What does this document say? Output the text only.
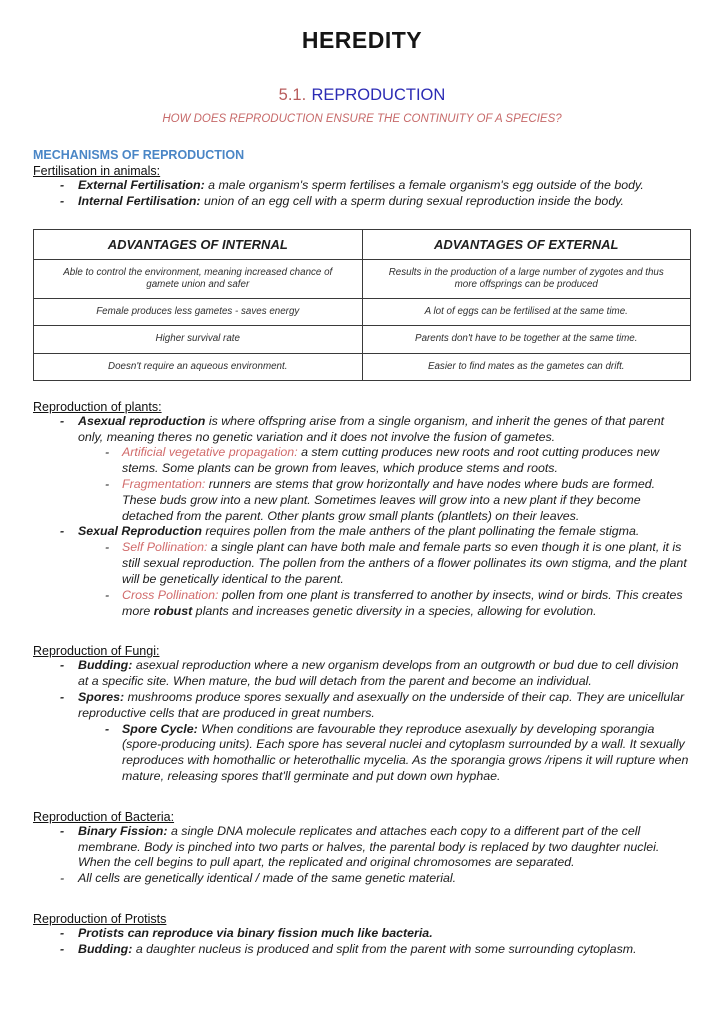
HEREDITY
5.1. REPRODUCTION
HOW DOES REPRODUCTION ENSURE THE CONTINUITY OF A SPECIES?
MECHANISMS OF REPRODUCTION
Fertilisation in animals:
- External Fertilisation: a male organism's sperm fertilises a female organism's egg outside of the body.
- Internal Fertilisation: union of an egg cell with a sperm during sexual reproduction inside the body.
ADVANTAGES OF INTERNAL	ADVANTAGES OF EXTERNAL
Able to control the environment, meaning increased chance of gamete union and safer	Results in the production of a large number of zygotes and thus more offsprings can be produced
Female produces less gametes - saves energy	A lot of eggs can be fertilised at the same time.
Higher survival rate	Parents don't have to be together at the same time.
Doesn't require an aqueous environment.	Easier to find mates as the gametes can drift.
Reproduction of plants:
- Asexual reproduction is where offspring arise from a single organism, and inherit the genes of that parent only, meaning theres no genetic variation and it does not involve the fusion of gametes.
- Artificial vegetative propagation: a stem cutting produces new roots and root cutting produces new stems. Some plants can be grown from leaves, which produce stems and roots.
- Fragmentation: runners are stems that grow horizontally and have nodes where buds are formed. These buds grow into a new plant. Sometimes leaves will grow into a new plant if they become detached from the parent. Other plants grow small plants (plantlets) on their leaves.
- Sexual Reproduction requires pollen from the male anthers of the plant pollinating the female stigma.
- Self Pollination: a single plant can have both male and female parts so even though it is one plant, it is still sexual reproduction. The pollen from the anthers of a flower pollinates its own stigma, and the plant will be genetically identical to the parent.
- Cross Pollination: pollen from one plant is transferred to another by insects, wind or birds. This creates more robust plants and increases genetic diversity in a species, allowing for evolution.
Reproduction of Fungi:
- Budding: asexual reproduction where a new organism develops from an outgrowth or bud due to cell division at a specific site. When mature, the bud will detach from the parent and become an individual.
- Spores: mushrooms produce spores sexually and asexually on the underside of their cap. They are unicellular reproductive cells that are produced in great numbers.
- Spore Cycle: When conditions are favourable they reproduce asexually by developing sporangia (spore-producing units). Each spore has several nuclei and cytoplasm surrounded by a wall. It sexually reproduces with homothallic or heterothallic mycelia. As the sporangia grows /ripens it will rupture when mature, releasing spores that'll germinate and put down own hyphae.
Reproduction of Bacteria:
- Binary Fission: a single DNA molecule replicates and attaches each copy to a different part of the cell membrane. Body is pinched into two parts or halves, the parental body is replaced by two daughter nuclei. When the cell begins to pull apart, the replicated and original chromosomes are separated.
- All cells are genetically identical / made of the same genetic material.
Reproduction of Protists
- Protists can reproduce via binary fission much like bacteria.
- Budding: a daughter nucleus is produced and split from the parent with some surrounding cytoplasm.
